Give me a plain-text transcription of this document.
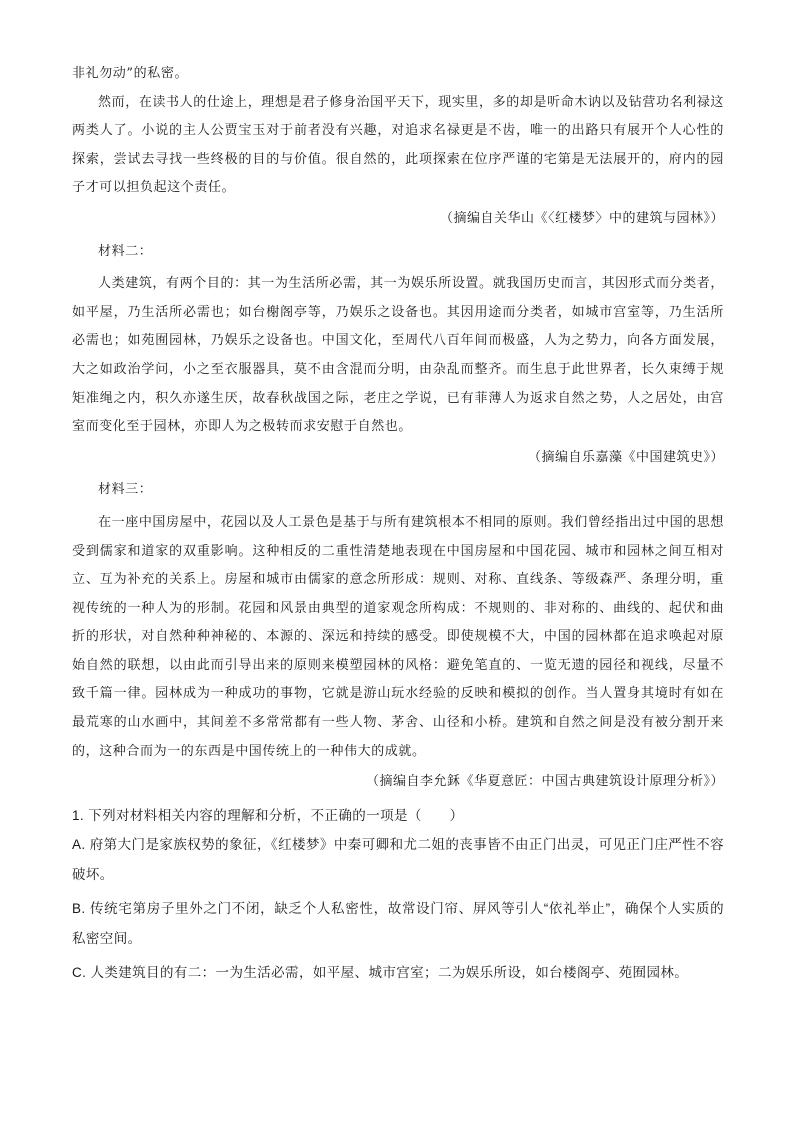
非礼勿动”的私密。

然而，在读书人的仕途上，理想是君子修身治国平天下，现实里，多的却是听命木讷以及钻营功名利禄这两类人了。小说的主人公贾宝玉对于前者没有兴趣，对追求名禄更是不齿，唯一的出路只有展开个人心性的探索，尝试去寻找一些终极的目的与价值。很自然的，此项探索在位序严谨的宅第是无法展开的，府内的园子才可以担负起这个责任。

（摘编自关华山《〈红楼梦〉中的建筑与园林》）

材料二：

人类建筑，有两个目的：其一为生活所必需，其一为娱乐所设置。就我国历史而言，其因形式而分类者，如平屋，乃生活所必需也；如台榭阁亭等，乃娱乐之设备也。其因用途而分类者，如城市宫室等，乃生活所必需也；如苑囿园林，乃娱乐之设备也。中国文化，至周代八百年间而极盛，人为之势力，向各方面发展，大之如政治学问，小之至衣服器具，莫不由含混而分明，由杂乱而整齐。而生息于此世界者，长久束缚于规矩准绳之内，积久亦遂生厌，故春秋战国之际，老庄之学说，已有菲薄人为返求自然之势，人之居处，由宫室而变化至于园林，亦即人为之极转而求安慰于自然也。

（摘编自乐嘉藻《中国建筑史》）

材料三：

在一座中国房屋中，花园以及人工景色是基于与所有建筑根本不相同的原则。我们曾经指出过中国的思想受到儒家和道家的双重影响。这种相反的二重性清楚地表现在中国房屋和中国花园、城市和园林之间互相对立、互为补充的关系上。房屋和城市由儒家的意念所形成：规则、对称、直线条、等级森严、条理分明，重视传统的一种人为的形制。花园和风景由典型的道家观念所构成：不规则的、非对称的、曲线的、起伏和曲折的形状，对自然种种神秘的、本源的、深远和持续的感受。即使规模不大，中国的园林都在追求唤起对原始自然的联想，以由此而引导出来的原则来模塑园林的风格：避免笔直的、一览无遗的园径和视线，尽量不致千篇一律。园林成为一种成功的事物，它就是游山玩水经验的反映和模拟的创作。当人置身其境时有如在最荒寒的山水画中，其间差不多常常都有一些人物、茅舍、山径和小桥。建筑和自然之间是没有被分割开来的，这种合而为一的东西是中国传统上的一种伟大的成就。

（摘编自李允鉌《华夏意匠：中国古典建筑设计原理分析》）

1. 下列对材料相关内容的理解和分析，不正确的一项是（　　）

A. 府第大门是家族权势的象征，《红楼梦》中秦可卿和尤二姐的丧事皆不由正门出灵，可见正门庄严性不容破坏。

B. 传统宅第房子里外之门不闭，缺乏个人私密性，故常设门帘、屏风等引人“依礼举止”，确保个人实质的私密空间。

C. 人类建筑目的有二：一为生活必需，如平屋、城市宫室；二为娱乐所设，如台楼阁亭、苑囿园林。
